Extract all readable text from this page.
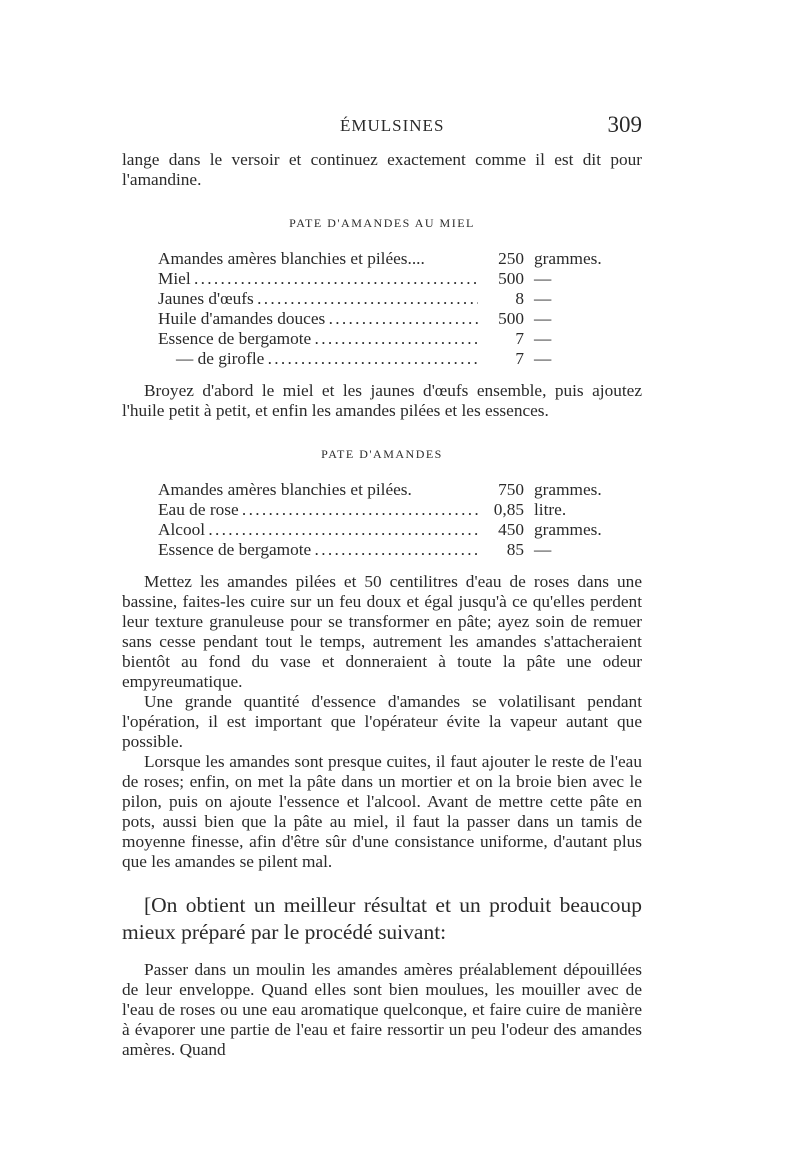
ÉMULSINES	309

lange dans le versoir et continuez exactement comme il est dit pour l'amandine.

PATE D'AMANDES AU MIEL
Amandes amères blanchies et pilées....	250 grammes.
Miel . . .	500 —
Jaunes d'œufs . . .	8 —
Huile d'amandes douces . . .	500 —
Essence de bergamote . . .	7 —
— de girofle . . .	7 —

Broyez d'abord le miel et les jaunes d'œufs ensemble, puis ajoutez l'huile petit à petit, et enfin les amandes pilées et les essences.

PATE D'AMANDES
Amandes amères blanchies et pilées.	750 grammes.
Eau de rose . . .	0,85 litre.
Alcool . . .	450 grammes.
Essence de bergamote . . .	85 —

Mettez les amandes pilées et 50 centilitres d'eau de roses dans une bassine, faites-les cuire sur un feu doux et égal jusqu'à ce qu'elles perdent leur texture granuleuse pour se transformer en pâte; ayez soin de remuer sans cesse pendant tout le temps, autrement les amandes s'attacheraient bientôt au fond du vase et donneraient à toute la pâte une odeur empyreumatique.

Une grande quantité d'essence d'amandes se volatilisant pendant l'opération, il est important que l'opérateur évite la vapeur autant que possible.

Lorsque les amandes sont presque cuites, il faut ajouter le reste de l'eau de roses; enfin, on met la pâte dans un mortier et on la broie bien avec le pilon, puis on ajoute l'essence et l'alcool. Avant de mettre cette pâte en pots, aussi bien que la pâte au miel, il faut la passer dans un tamis de moyenne finesse, afin d'être sûr d'une consistance uniforme, d'autant plus que les amandes se pilent mal.

[On obtient un meilleur résultat et un produit beaucoup mieux préparé par le procédé suivant:

Passer dans un moulin les amandes amères préalablement dépouillées de leur enveloppe. Quand elles sont bien moulues, les mouiller avec de l'eau de roses ou une eau aromatique quelconque, et faire cuire de manière à évaporer une partie de l'eau et faire ressortir un peu l'odeur des amandes amères. Quand
